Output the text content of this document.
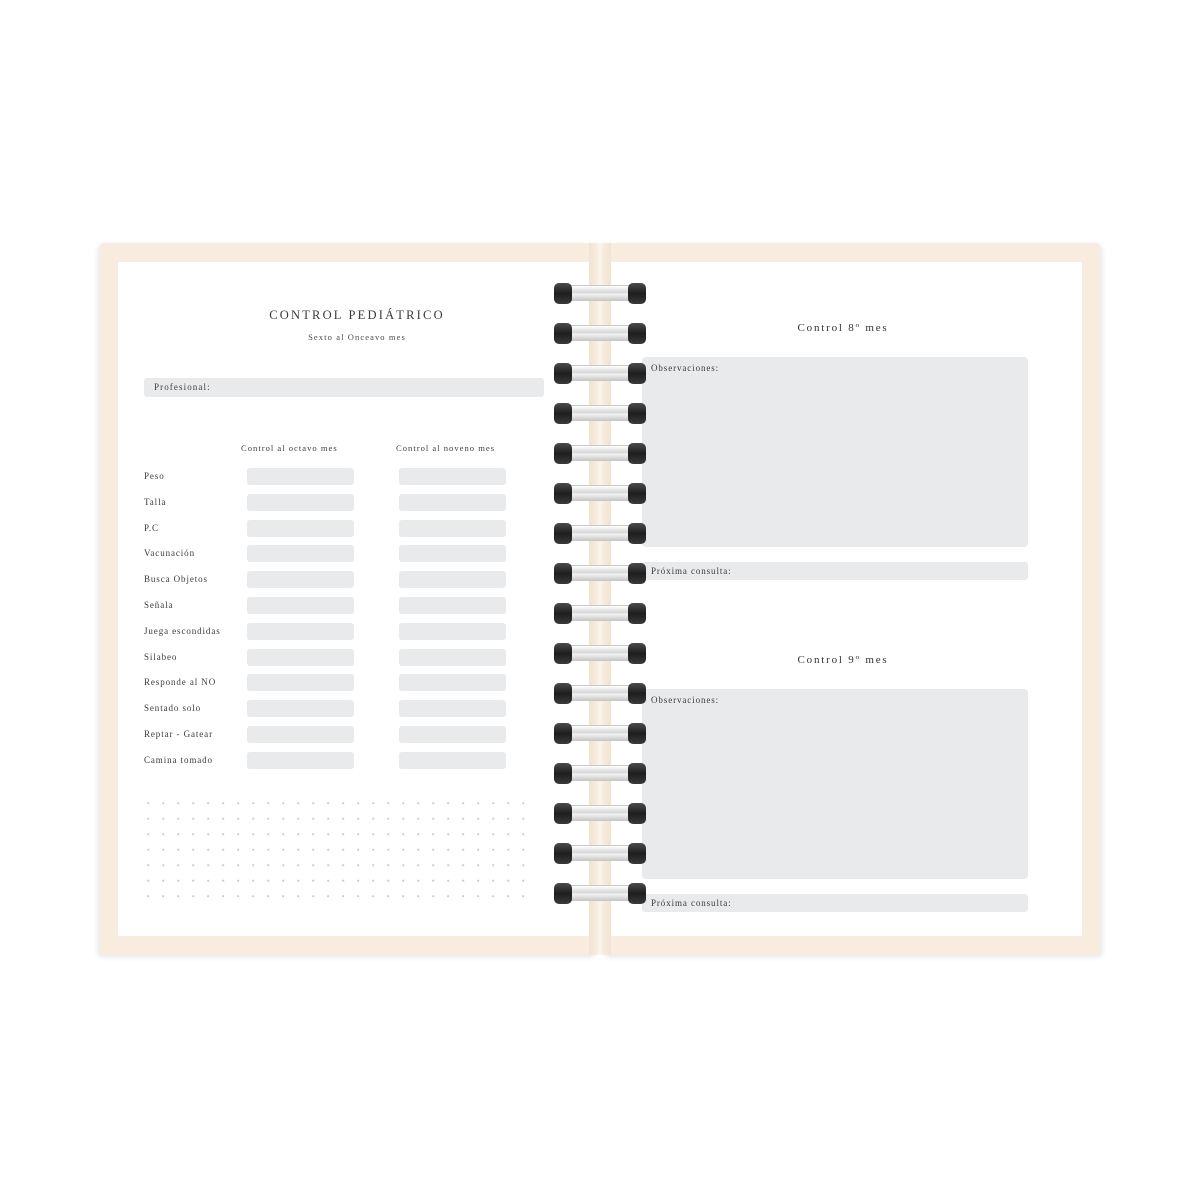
CONTROL PEDIÁTRICO
Sexto al Onceavo mes
Profesional:
Control al octavo mes	Control al noveno mes
Peso
Talla
P.C
Vacunación
Busca Objetos
Señala
Juega escondidas
Silabeo
Responde al NO
Sentado solo
Reptar - Gatear
Camina tomado
Control 8º mes
Observaciones:
Próxima consulta:
Control 9º mes
Observaciones:
Próxima consulta:
